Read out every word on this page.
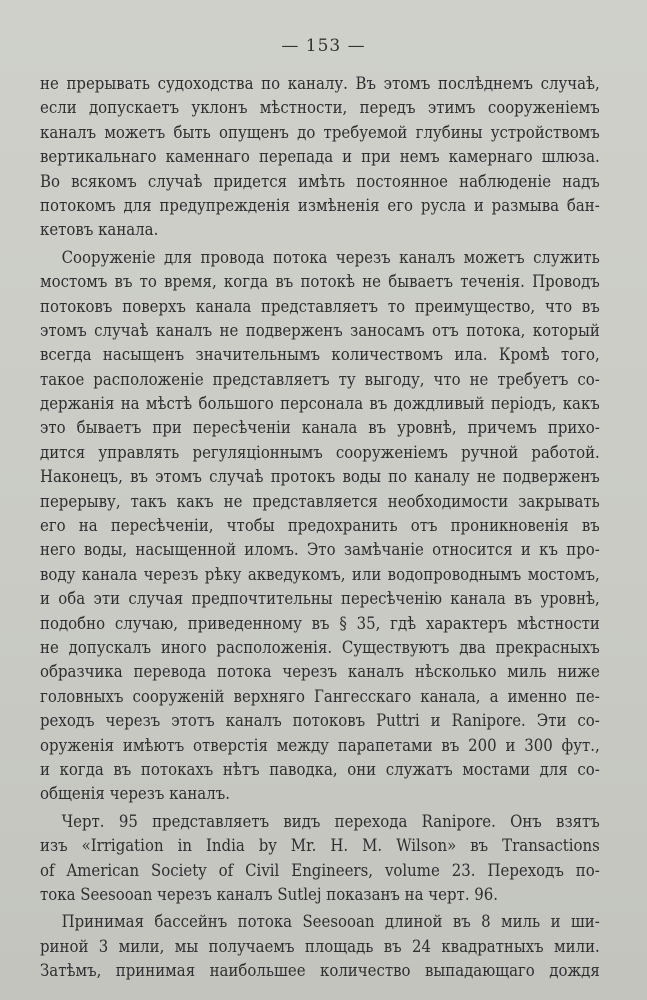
— 153 —
не прерывать судоходства по каналу. Въ этомъ послѣднемъ случаѣ,
если допускаетъ уклонъ мѣстности, передъ этимъ сооруженіемъ
каналъ можетъ быть опущенъ до требуемой глубины устройствомъ
вертикальнаго каменнаго перепада и при немъ камернаго шлюза.
Во всякомъ случаѣ придется имѣть постоянное наблюденіе надъ
потокомъ для предупрежденія измѣненія его русла и размыва бан-
кетовъ канала.
Сооруженіе для провода потока черезъ каналъ можетъ служить
мостомъ въ то время, когда въ потокѣ не бываетъ теченія. Проводъ
потоковъ поверхъ канала представляетъ то преимущество, что въ
этомъ случаѣ каналъ не подверженъ заносамъ отъ потока, который
всегда насыщенъ значительнымъ количествомъ ила. Кромѣ того,
такое расположеніе представляетъ ту выгоду, что не требуетъ со-
держанія на мѣстѣ большого персонала въ дождливый періодъ, какъ
это бываетъ при пересѣченіи канала въ уровнѣ, причемъ прихо-
дится управлять регуляціоннымъ сооруженіемъ ручной работой.
Наконецъ, въ этомъ случаѣ протокъ воды по каналу не подверженъ
перерыву, такъ какъ не представляется необходимости закрывать
его на пересѣченіи, чтобы предохранить отъ проникновенія въ
него воды, насыщенной иломъ. Это замѣчаніе относится и къ про-
воду канала черезъ рѣку акведукомъ, или водопроводнымъ мостомъ,
и оба эти случая предпочтительны пересѣченію канала въ уровнѣ,
подобно случаю, приведенному въ § 35, гдѣ характеръ мѣстности
не допускалъ иного расположенія. Существуютъ два прекрасныхъ
образчика перевода потока черезъ каналъ нѣсколько миль ниже
головныхъ сооруженій верхняго Гангесскаго канала, а именно пе-
реходъ черезъ этотъ каналъ потоковъ Puttri и Ranipore. Эти со-
оруженія имѣютъ отверстія между парапетами въ 200 и 300 фут.,
и когда въ потокахъ нѣтъ паводка, они служатъ мостами для со-
общенія черезъ каналъ.
Черт. 95 представляетъ видъ перехода Ranipore. Онъ взятъ
изъ «Irrigation in India by Mr. H. M. Wilson» въ Transactions
of American Society of Civil Engineers, volume 23. Переходъ по-
тока Seesooan черезъ каналъ Sutlej показанъ на черт. 96.
Принимая бассейнъ потока Seesooan длиной въ 8 миль и ши-
риной 3 мили, мы получаемъ площадь въ 24 квадратныхъ мили.
Затѣмъ, принимая наибольшее количество выпадающаго дождя
